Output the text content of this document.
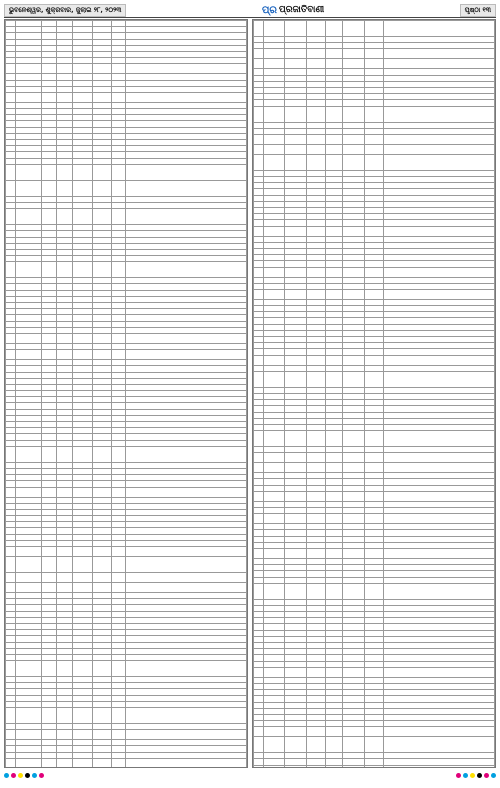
ଭୁବନେଶ୍ୱର, ଶୁକ୍ରବାର, ଜୁଲାଇ ୨୮, ୨୦୨୩	ପ୍ର ପ୍ରଜାତିବାଣୀ	ପୃଷ୍ଠା ୧୩
